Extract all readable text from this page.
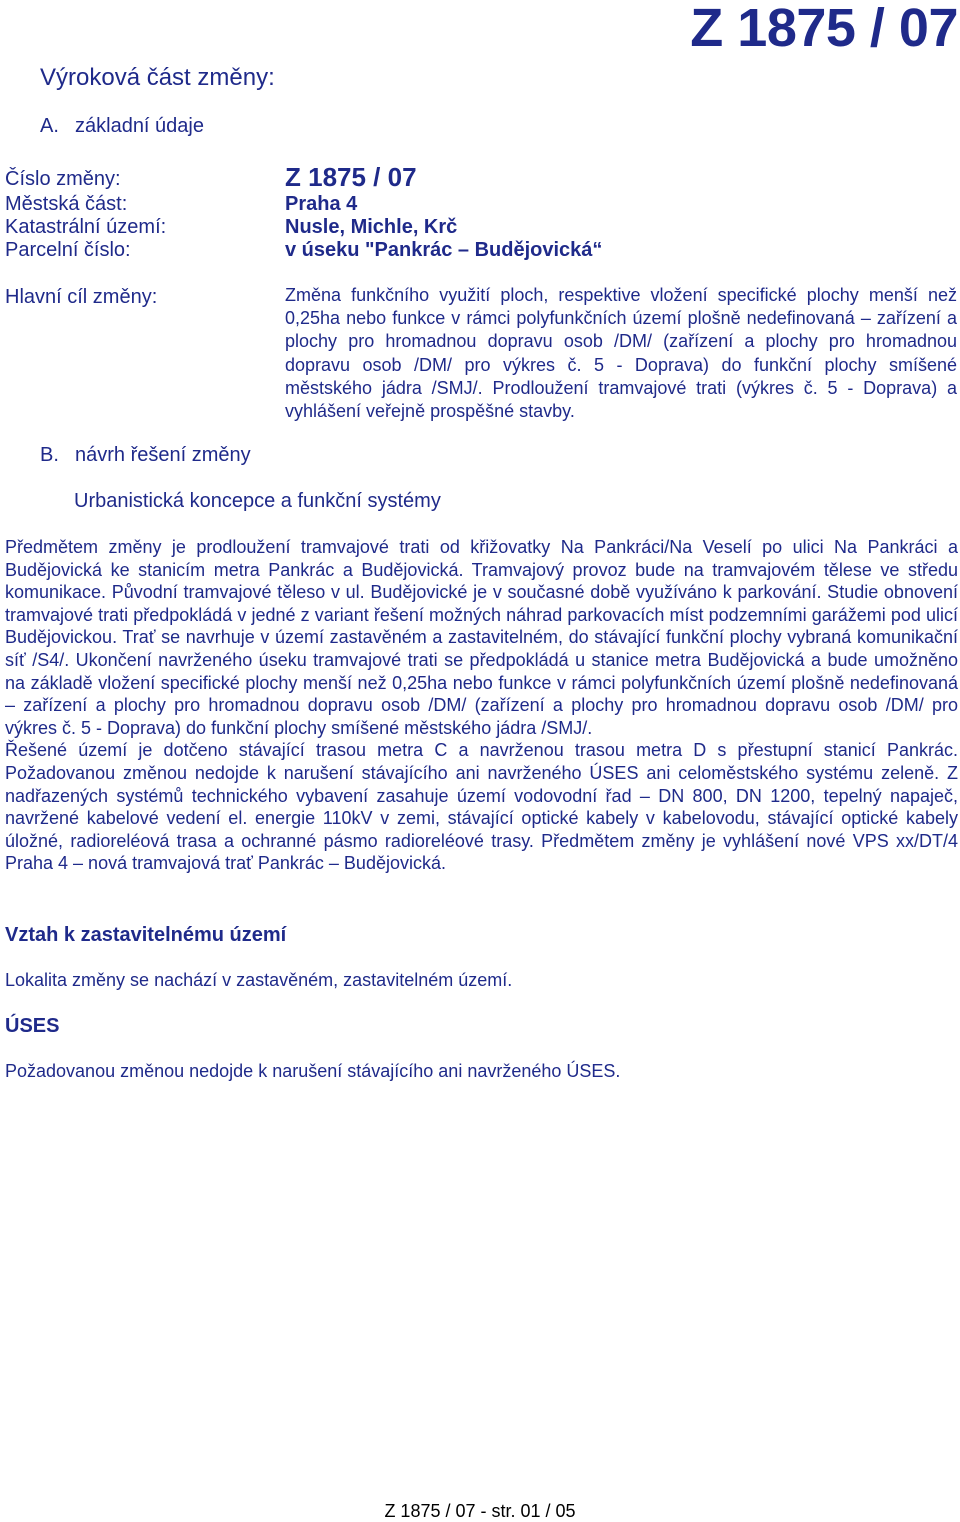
Z 1875 / 07
Výroková část změny:
A. základní údaje
Číslo změny:	Z 1875 / 07
Městská část:	Praha 4
Katastrální území:	Nusle, Michle, Krč
Parcelní číslo:	v úseku "Pankrác – Budějovická“
Hlavní cíl změny:	Změna funkčního využití ploch, respektive vložení specifické plochy menší než 0,25ha nebo funkce v rámci polyfunkčních území plošně nedefinovaná – zařízení a plochy pro hromadnou dopravu osob /DM/ (zařízení a plochy pro hromadnou dopravu osob /DM/ pro výkres č. 5 - Doprava) do funkční plochy smíšené městského jádra /SMJ/. Prodloužení tramvajové trati (výkres č. 5 - Doprava) a vyhlášení veřejně prospěšné stavby.
B. návrh řešení změny
Urbanistická koncepce a funkční systémy

Předmětem změny je prodloužení tramvajové trati od křižovatky Na Pankráci/Na Veselí po ulici Na Pankráci a Budějovická ke stanicím metra Pankrác a Budějovická. Tramvajový provoz bude na tramvajovém tělese ve středu komunikace. Původní tramvajové těleso v ul. Budějovické je v současné době využíváno k parkování. Studie obnovení tramvajové trati předpokládá v jedné z variant řešení možných náhrad parkovacích míst podzemními garážemi pod ulicí Budějovickou. Trať se navrhuje v území zastavěném a zastavitelném, do stávající funkční plochy vybraná komunikační síť /S4/. Ukončení navrženého úseku tramvajové trati se předpokládá u stanice metra Budějovická a bude umožněno na základě vložení specifické plochy menší než 0,25ha nebo funkce v rámci polyfunkčních území plošně nedefinovaná – zařízení a plochy pro hromadnou dopravu osob /DM/ (zařízení a plochy pro hromadnou dopravu osob /DM/ pro výkres č. 5 - Doprava) do funkční plochy smíšené městského jádra /SMJ/.

Řešené území je dotčeno stávající trasou metra C a navrženou trasou metra D s přestupní stanicí Pankrác. Požadovanou změnou nedojde k narušení stávajícího ani navrženého ÚSES ani celoměstského systému zeleně. Z nadřazených systémů technického vybavení zasahuje území vodovodní řad – DN 800, DN 1200, tepelný napaječ, navržené kabelové vedení el. energie 110kV v zemi, stávající optické kabely v kabelovodu, stávající optické kabely úložné, radioreléová trasa a ochranné pásmo radioreléové trasy. Předmětem změny je vyhlášení nové VPS xx/DT/4 Praha 4 – nová tramvajová trať Pankrác – Budějovická.

Vztah k zastavitelnému území
Lokalita změny se nachází v zastavěném, zastavitelném území.
ÚSES
Požadovanou změnou nedojde k narušení stávajícího ani navrženého ÚSES.
Z 1875 / 07 - str. 01 / 05
